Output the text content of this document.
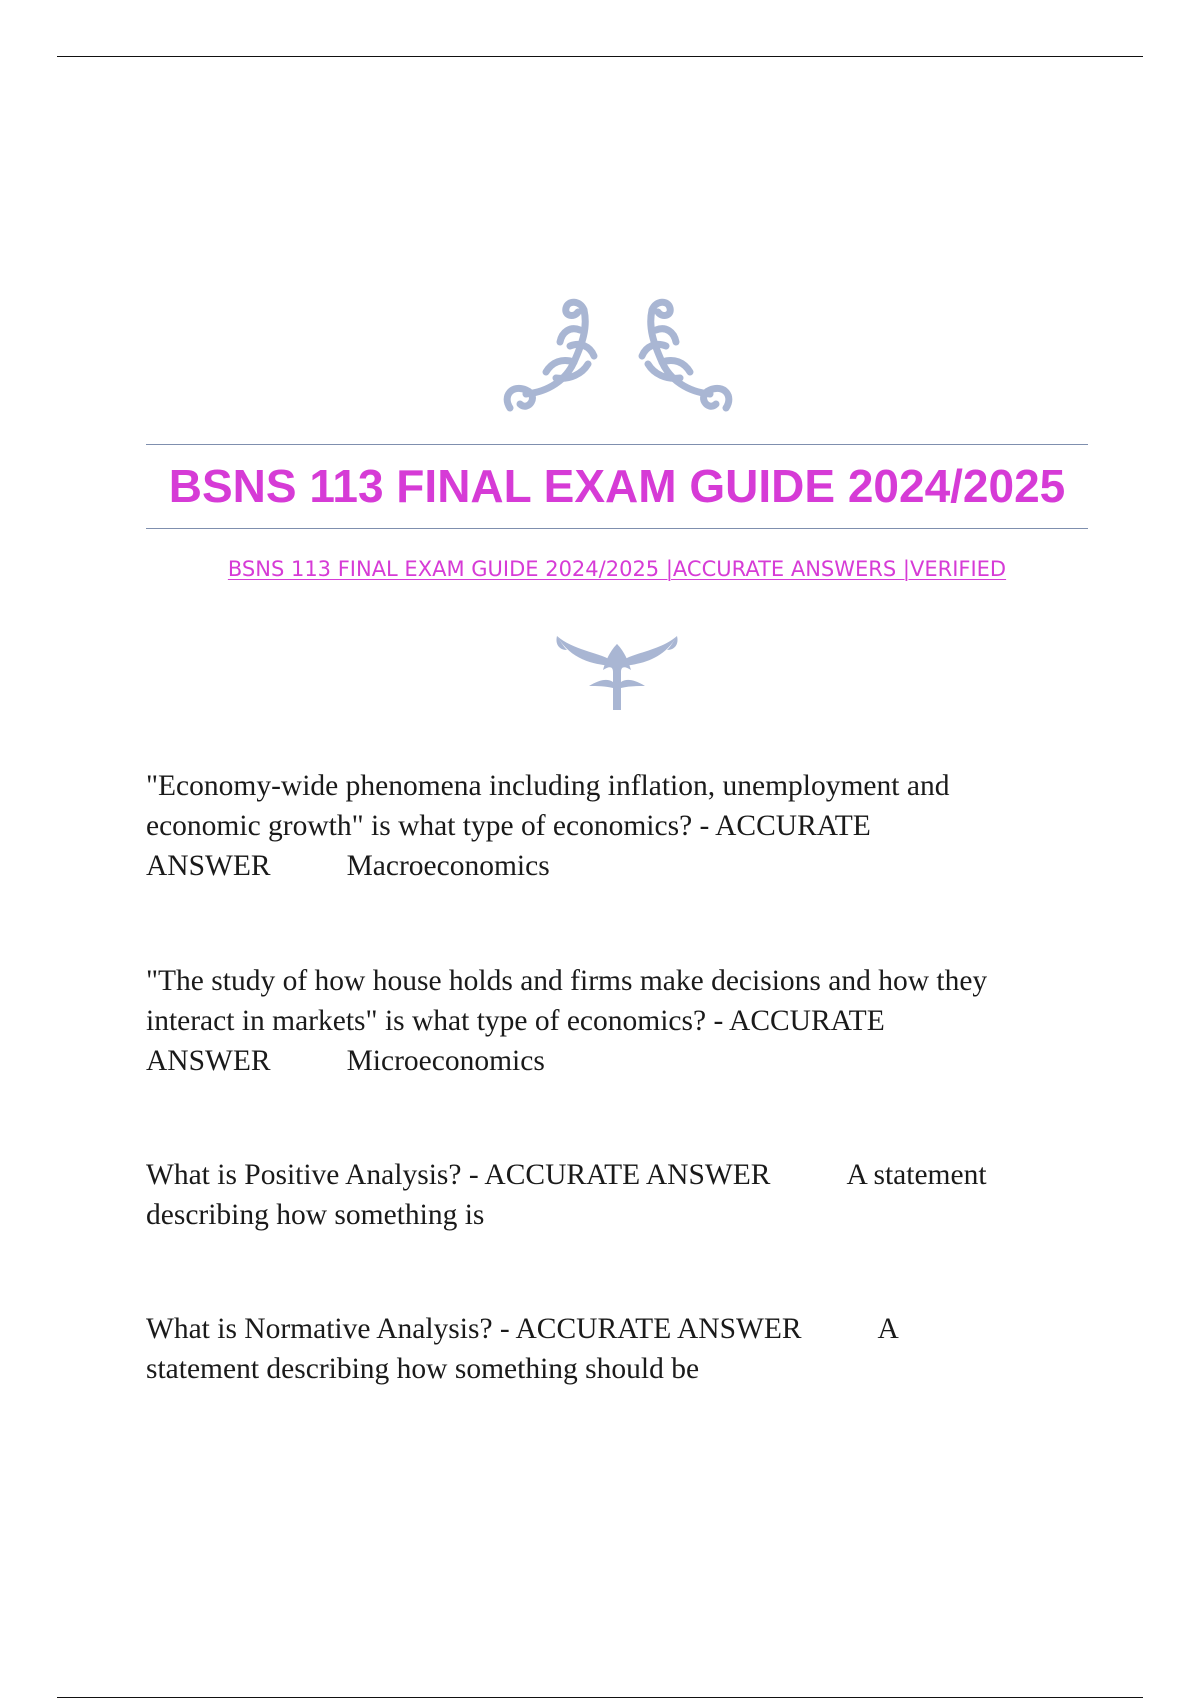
BSNS 113 FINAL EXAM GUIDE 2024/2025
BSNS 113 FINAL EXAM GUIDE 2024/2025 |ACCURATE ANSWERS |VERIFIED

"Economy-wide phenomena including inflation, unemployment and
economic growth" is what type of economics? - ACCURATE
ANSWER	Macroeconomics

"The study of how house holds and firms make decisions and how they
interact in markets" is what type of economics? - ACCURATE
ANSWER	Microeconomics

What is Positive Analysis? - ACCURATE ANSWER	A statement
describing how something is

What is Normative Analysis? - ACCURATE ANSWER	A
statement describing how something should be
